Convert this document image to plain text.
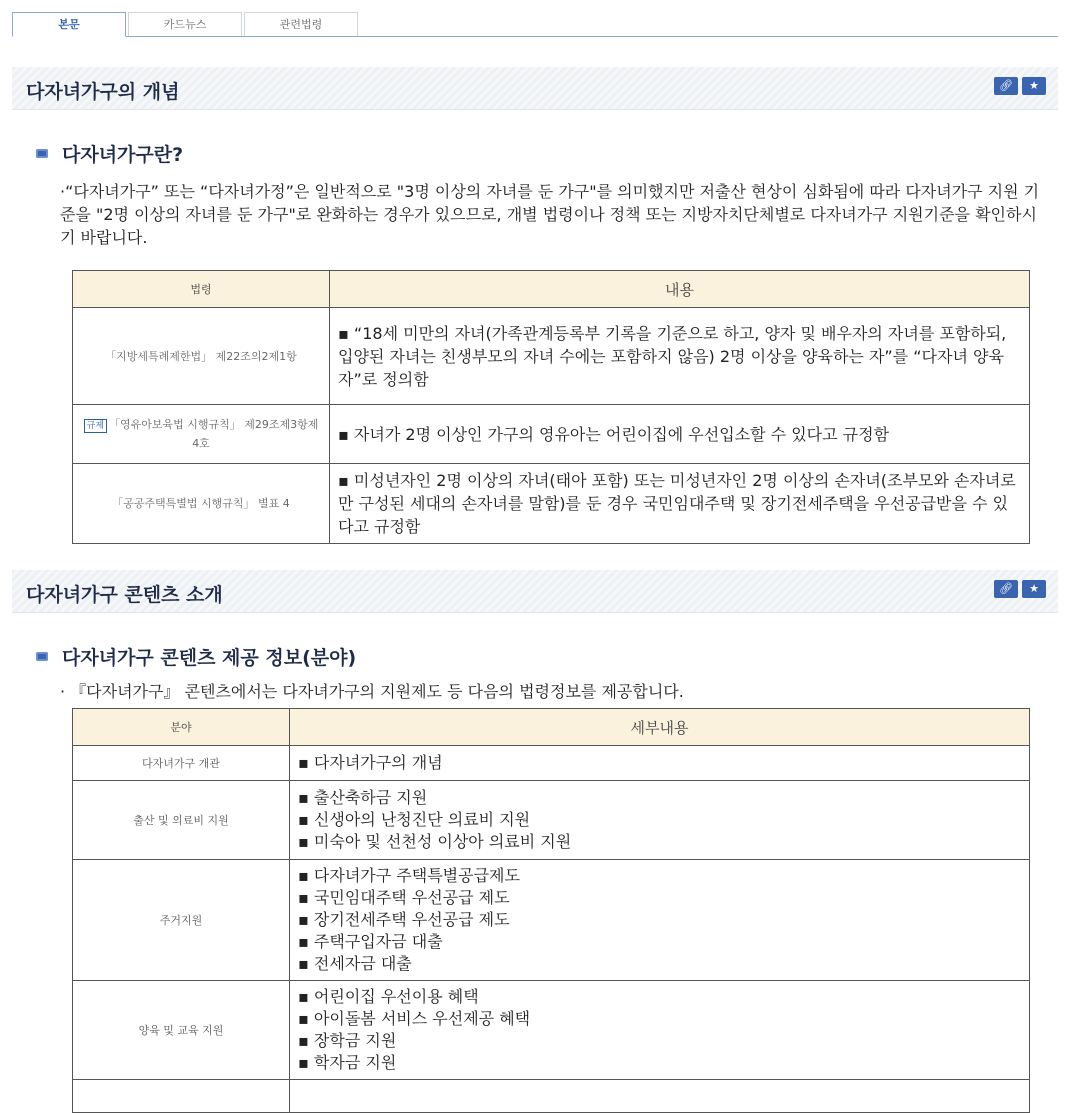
본문	카드뉴스	관련법령
다자녀가구의 개념	🔗︎	★
다자녀가구란?
·“다자녀가구” 또는 “다자녀가정”은 일반적으로 "3명 이상의 자녀를 둔 가구"를 의미했지만 저출산 현상이 심화됨에 따라 다자녀가구 지원 기준을 "2명 이상의 자녀를 둔 가구"로 완화하는 경우가 있으므로, 개별 법령이나 정책 또는 지방자치단체별로 다자녀가구 지원기준을 확인하시기 바랍니다.
법령	내용
「지방세특례제한법」 제22조의2제1항	▪ “18세 미만의 자녀(가족관계등록부 기록을 기준으로 하고, 양자 및 배우자의 자녀를 포함하되, 입양된 자녀는 친생부모의 자녀 수에는 포함하지 않음) 2명 이상을 양육하는 자”를 “다자녀 양육자”로 정의함
규제 「영유아보육법 시행규칙」 제29조제3항제4호	▪ 자녀가 2명 이상인 가구의 영유아는 어린이집에 우선입소할 수 있다고 규정함
「공공주택특별법 시행규칙」 별표 4	▪ 미성년자인 2명 이상의 자녀(태아 포함) 또는 미성년자인 2명 이상의 손자녀(조부모와 손자녀로만 구성된 세대의 손자녀를 말함)를 둔 경우 국민임대주택 및 장기전세주택을 우선공급받을 수 있다고 규정함
다자녀가구 콘텐츠 소개	🔗︎	★
다자녀가구 콘텐츠 제공 정보(분야)
· 『다자녀가구』 콘텐츠에서는 다자녀가구의 지원제도 등 다음의 법령정보를 제공합니다.
분야	세부내용
다자녀가구 개관	▪ 다자녀가구의 개념

출산 및 의료비 지원	▪ 출산축하금 지원
▪ 신생아의 난청진단 의료비 지원
▪ 미숙아 및 선천성 이상아 의료비 지원

주거지원	▪ 다자녀가구 주택특별공급제도
▪ 국민임대주택 우선공급 제도
▪ 장기전세주택 우선공급 제도
▪ 주택구입자금 대출
▪ 전세자금 대출

양육 및 교육 지원	▪ 어린이집 우선이용 혜택
▪ 아이돌봄 서비스 우선제공 혜택
▪ 장학금 지원
▪ 학자금 지원
